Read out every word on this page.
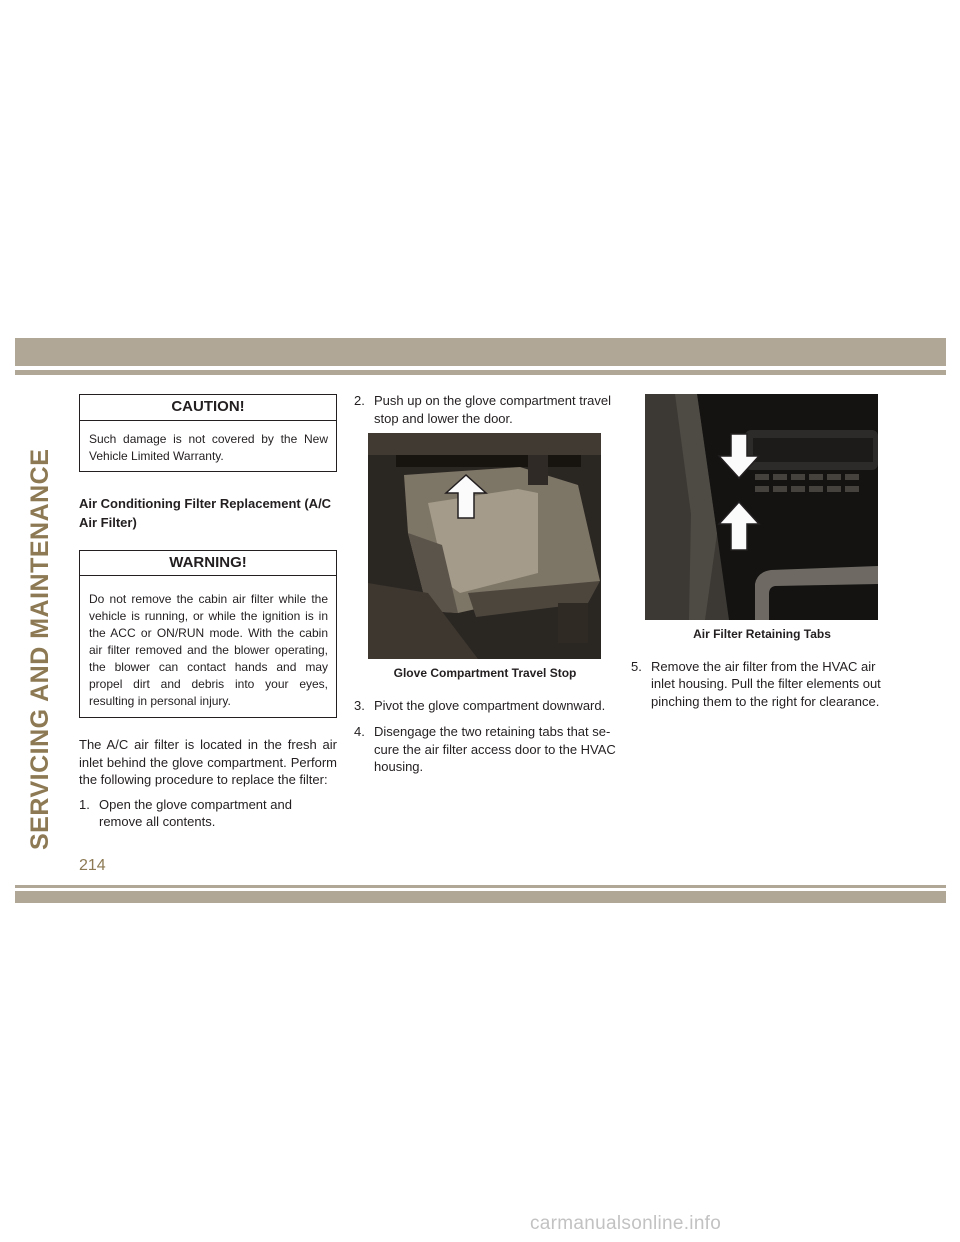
SERVICING AND MAINTENANCE
CAUTION!
Such damage is not covered by the New Vehicle Limited Warranty.
Air Conditioning Filter Replacement (A/C Air Filter)
WARNING!
Do not remove the cabin air filter while the vehicle is running, or while the ignition is in the ACC or ON/RUN mode. With the cabin air filter removed and the blower operating, the blower can contact hands and may propel dirt and debris into your eyes, resulting in personal injury.
The A/C air filter is located in the fresh air inlet behind the glove compartment. Perform the following procedure to replace the filter:
1. Open the glove compartment and remove all contents.
2. Push up on the glove compartment travel stop and lower the door.
Glove Compartment Travel Stop
3. Pivot the glove compartment downward.
4. Disengage the two retaining tabs that se- cure the air filter access door to the HVAC housing.
Air Filter Retaining Tabs
5. Remove the air filter from the HVAC air inlet housing. Pull the filter elements out pinching them to the right for clearance.
214
carmanualsonline.info
